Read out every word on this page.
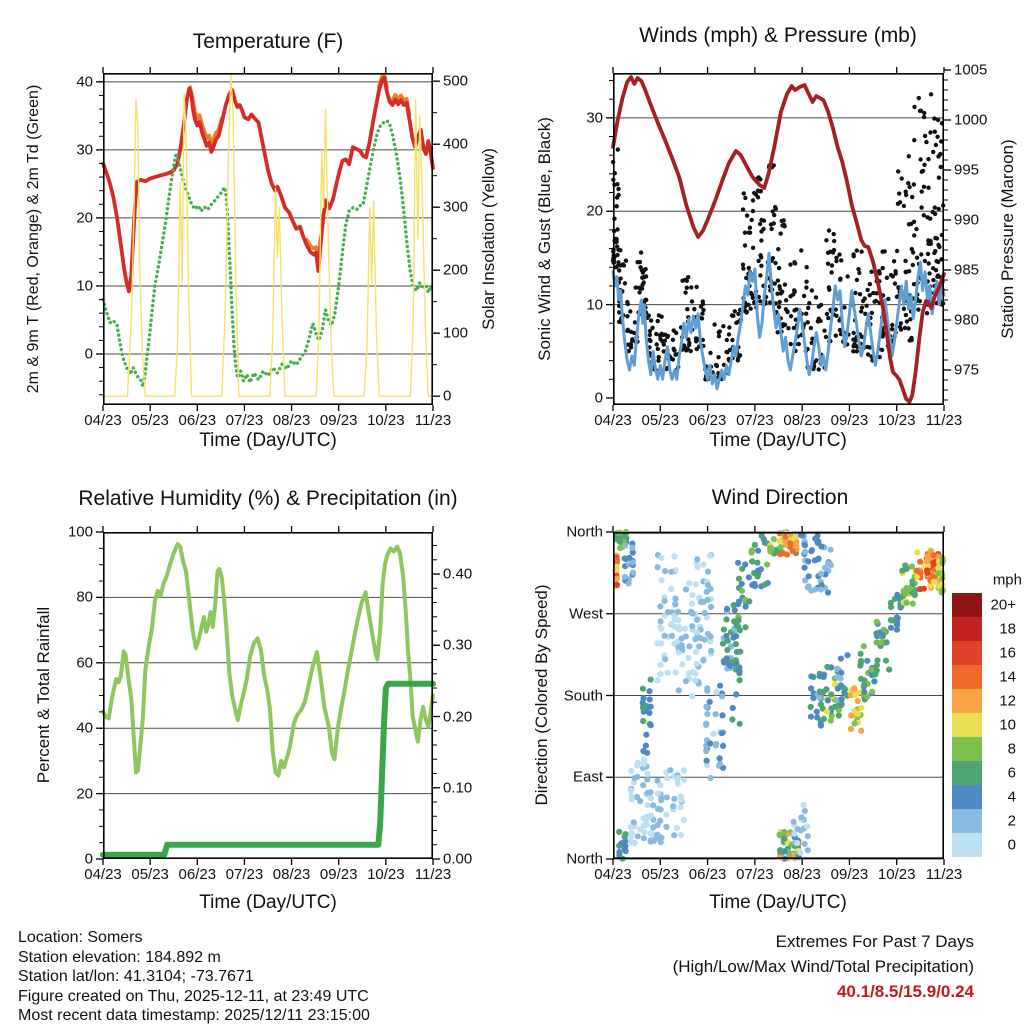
Temperature (F)	Winds (mph) & Pressure (mb)
Relative Humidity (%) & Precipitation (in)	Wind Direction
2m & 9m T (Red, Orange) & 2m Td (Green)	Solar Insolation (Yellow) Sonic Wind & Gust (Blue, Black)	Station Pressure (Maroon)
Percent & Total Rainfall	Direction (Colored By Speed)
Time (Day/UTC)	Time (Day/UTC)
Time (Day/UTC)	Time (Day/UTC)
mph
Location: Somers
Station elevation: 184.892 m
Station lat/lon: 41.3104; -73.7671
Figure created on Thu, 2025-12-11, at 23:49 UTC
Most recent data timestamp: 2025/12/11 23:15:00
Extremes For Past 7 Days
(High/Low/Max Wind/Total Precipitation)
40.1/8.5/15.9/0.24
04/23 05/23 06/23 07/23 08/23 09/23 10/23 11/23
0
10
20
30
40
0
100
200
300
400
500
04/23 05/23 06/23 07/23 08/23 09/23 10/23 11/23
0
10
20
30
975
980
985
990
995
1000
1005
04/23 05/23 06/23 07/23 08/23 09/23 10/23 11/23
0
20
40
60
80
100
0.00
0.10
0.20
0.30
0.40
04/23 05/23 06/23 07/23 08/23 09/23 10/23 11/23
North
East
South
West
North
20+
18
16
14
12
10
8
6
4
2
0
